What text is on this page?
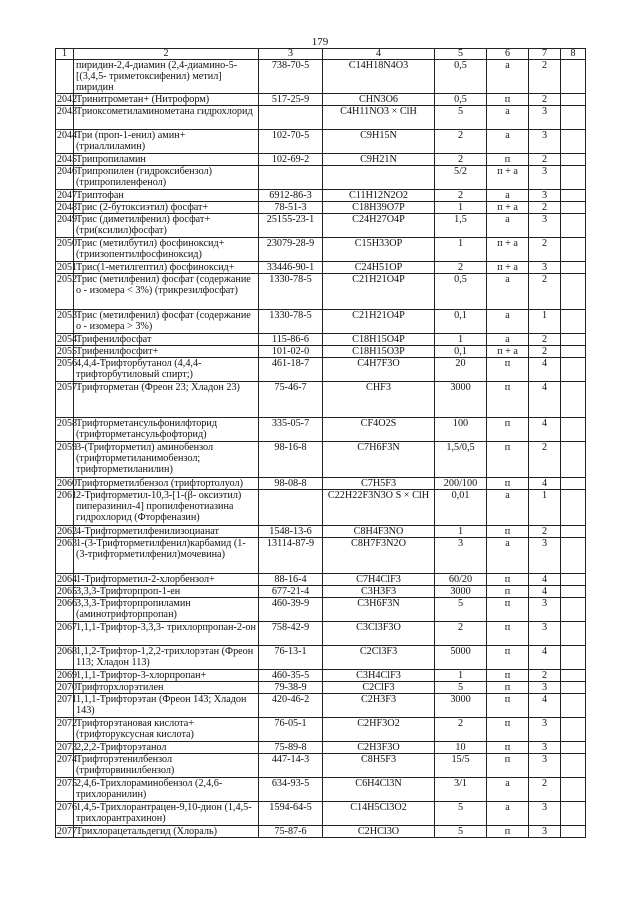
179
1	2	3	4	5	6	7	8
	пиридин-2,4-диамин (2,4-диамино-5-[(3,4,5- триметоксифенил) метил] пиридин	738-70-5	C14H18N4O3	0,5	а	2	
2042	Тринитрометан+ (Нитроформ)	517-25-9	CHN3O6	0,5	п	2	
2043	Триоксометиламинометана гидрохлорид		C4H11NO3 × ClH	5	а	3	
2044	Три (проп-1-енил) амин+ (триаллиламин)	102-70-5	C9H15N	2	а	3	
2045	Трипропиламин	102-69-2	C9H21N	2	п	2	
2046	Трипропилен (гидроксибензол) (трипропиленфенол)			5/2	п + а	3	
2047	Триптофан	6912-86-3	C11H12N2O2	2	а	3	
2048	Трис (2-бутоксиэтил) фосфат+	78-51-3	C18H39O7P	1	п + а	2	
2049	Трис (диметилфенил) фосфат+ (три(ксилил)фосфат)	25155-23-1	C24H27O4P	1,5	а	3	
2050	Трис (метилбутил) фосфиноксид+ (триизопентилфосфиноксид)	23079-28-9	C15H33OP	1	п + а	2	
2051	Трис(1-метилгептил) фосфиноксид+	33446-90-1	C24H51OP	2	п + а	3	
2052	Трис (метилфенил) фосфат (содержание о - изомера < 3%) (трикрезилфосфат)	1330-78-5	C21H21O4P	0,5	а	2	
2053	Трис (метилфенил) фосфат (содержание о - изомера > 3%)	1330-78-5	C21H21O4P	0,1	а	1	
2054	Трифенилфосфат	115-86-6	C18H15O4P	1	а	2	
2055	Трифенилфосфит+	101-02-0	C18H15O3P	0,1	п + а	2	
2056	4,4,4-Трифторбутанол (4,4,4-трифторбутиловый спирт;)	461-18-7	C4H7F3O	20	п	4	
2057	Трифторметан (Фреон 23; Хладон 23)	75-46-7	CHF3	3000	п	4	
2058	Трифторметансульфонилфторид (трифторметансульфофторид)	335-05-7	CF4O2S	100	п	4	
2059	3-(Трифторметил) аминобензол (трифторметиланимобензол; трифторметиланилин)	98-16-8	C7H6F3N	1,5/0,5	п	2	
2060	Трифторметилбензол (трифтортолуол)	98-08-8	C7H5F3	200/100	п	4	
2061	2-Трифторметил-10,3-[1-(β- оксиэтил) пиперазинил-4] пропилфенотиазина гидрохлорид (Фторфеназин)		C22H22F3N3O S × ClH	0,01	а	1	
2062	4-Трифторметилфенилизоцианат	1548-13-6	C8H4F3NO	1	п	2	
2063	1-(3-Трифторметилфенил)карбамид (1-(3-трифторметилфенил)мочевина)	13114-87-9	C8H7F3N2O	3	а	3	
2064	1-Трифторметил-2-хлорбензол+	88-16-4	C7H4ClF3	60/20	п	4	
2065	3,3,3-Трифторпроп-1-ен	677-21-4	C3H3F3	3000	п	4	
2066	3,3,3-Трифторпропиламин (аминотрифторпропан)	460-39-9	C3H6F3N	5	п	3	
2067	1,1,1-Трифтор-3,3,3- трихлорпропан-2-он	758-42-9	C3Cl3F3O	2	п	3	
2068	1,1,2-Трифтор-1,2,2-трихлорэтан (Фреон 113; Хладон 113)	76-13-1	C2Cl3F3	5000	п	4	
2069	1,1,1-Трифтор-3-хлорпропан+	460-35-5	C3H4ClF3	1	п	2	
2070	Трифторхлорэтилен	79-38-9	C2ClF3	5	п	3	
2071	1,1,1-Трифторэтан (Фреон 143; Хладон 143)	420-46-2	C2H3F3	3000	п	4	
2072	Трифторэтановая кислота+ (трифторуксусная кислота)	76-05-1	C2HF3O2	2	п	3	
2073	2,2,2-Трифторэтанол	75-89-8	C2H3F3O	10	п	3	
2074	Трифторэтенилбензол (трифторвинилбензол)	447-14-3	C8H5F3	15/5	п	3	
2075	2,4,6-Трихлораминобензол (2,4,6-трихлоранилин)	634-93-5	C6H4Cl3N	3/1	а	2	
2076	1,4,5-Трихлорантрацен-9,10-дион (1,4,5-трихлорантрахинон)	1594-64-5	C14H5Cl3O2	5	а	3	
2077	Трихлорацетальдегид (Хлораль)	75-87-6	C2HCl3O	5	п	3	
